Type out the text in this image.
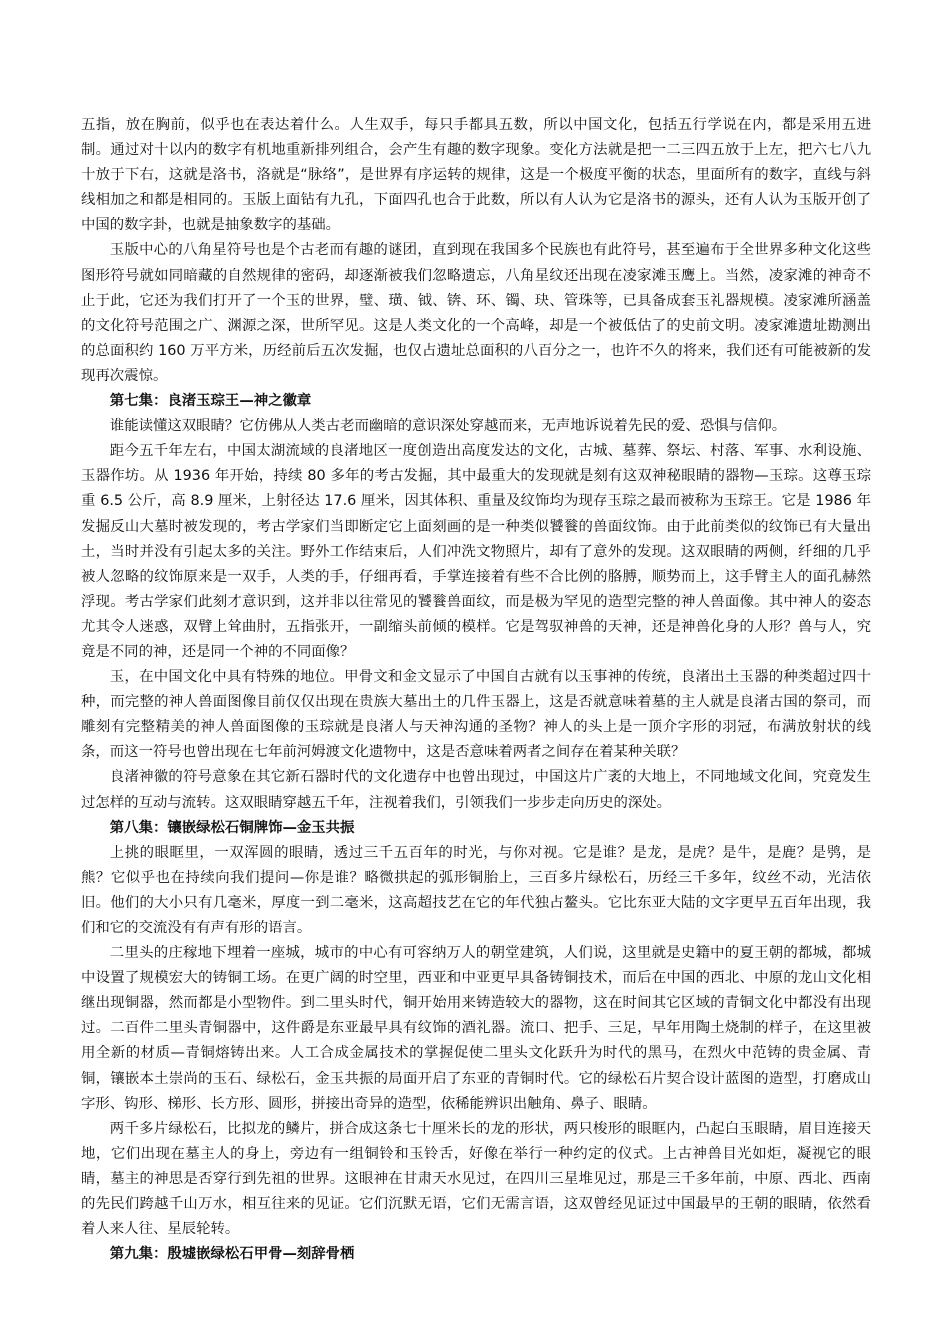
五指，放在胸前，似乎也在表达着什么。人生双手，每只手都具五数，所以中国文化，包括五行学说在内，都是采用五进制。通过对十以内的数字有机地重新排列组合，会产生有趣的数字现象。变化方法就是把一二三四五放于上左，把六七八九十放于下右，这就是洛书，洛就是“脉络”，是世界有序运转的规律，这是一个极度平衡的状态，里面所有的数字，直线与斜线相加之和都是相同的。玉版上面钻有九孔，下面四孔也合于此数，所以有人认为它是洛书的源头，还有人认为玉版开创了中国的数字卦，也就是抽象数字的基础。

玉版中心的八角星符号也是个古老而有趣的谜团，直到现在我国多个民族也有此符号，甚至遍布于全世界多种文化这些图形符号就如同暗藏的自然规律的密码，却逐渐被我们忽略遗忘，八角星纹还出现在凌家滩玉鹰上。当然，凌家滩的神奇不止于此，它还为我们打开了一个玉的世界，璧、璜、钺、锛、环、镯、玦、管珠等，已具备成套玉礼器规模。凌家滩所涵盖的文化符号范围之广、渊源之深，世所罕见。这是人类文化的一个高峰，却是一个被低估了的史前文明。凌家滩遗址勘测出的总面积约 160 万平方米，历经前后五次发掘，也仅占遗址总面积的八百分之一，也许不久的将来，我们还有可能被新的发现再次震惊。

第七集：良渚玉琮王—神之徽章

谁能读懂这双眼睛？它仿佛从人类古老而幽暗的意识深处穿越而来，无声地诉说着先民的爱、恐惧与信仰。

距今五千年左右，中国太湖流域的良渚地区一度创造出高度发达的文化，古城、墓葬、祭坛、村落、军事、水利设施、玉器作坊。从 1936 年开始，持续 80 多年的考古发掘，其中最重大的发现就是刻有这双神秘眼睛的器物—玉琮。这尊玉琮重 6.5 公斤，高 8.9 厘米，上射径达 17.6 厘米，因其体积、重量及纹饰均为现存玉琮之最而被称为玉琮王。它是 1986 年发掘反山大墓时被发现的，考古学家们当即断定它上面刻画的是一种类似饕餮的兽面纹饰。由于此前类似的纹饰已有大量出土，当时并没有引起太多的关注。野外工作结束后，人们冲洗文物照片，却有了意外的发现。这双眼睛的两侧，纤细的几乎被人忽略的纹饰原来是一双手，人类的手，仔细再看，手掌连接着有些不合比例的胳膊，顺势而上，这手臂主人的面孔赫然浮现。考古学家们此刻才意识到，这并非以往常见的饕餮兽面纹，而是极为罕见的造型完整的神人兽面像。其中神人的姿态尤其令人迷惑，双臂上耸曲肘，五指张开，一副缩头前倾的模样。它是驾驭神兽的天神，还是神兽化身的人形？兽与人，究竟是不同的神，还是同一个神的不同面像？

玉，在中国文化中具有特殊的地位。甲骨文和金文显示了中国自古就有以玉事神的传统，良渚出土玉器的种类超过四十种，而完整的神人兽面图像目前仅仅出现在贵族大墓出土的几件玉器上，这是否就意味着墓的主人就是良渚古国的祭司，而雕刻有完整精美的神人兽面图像的玉琮就是良渚人与天神沟通的圣物？神人的头上是一顶介字形的羽冠，布满放射状的线条，而这一符号也曾出现在七年前河姆渡文化遗物中，这是否意味着两者之间存在着某种关联？

良渚神徽的符号意象在其它新石器时代的文化遗存中也曾出现过，中国这片广袤的大地上，不同地域文化间，究竟发生过怎样的互动与流转。这双眼睛穿越五千年，注视着我们，引领我们一步步走向历史的深处。

第八集：镶嵌绿松石铜牌饰—金玉共振

上挑的眼眶里，一双浑圆的眼睛，透过三千五百年的时光，与你对视。它是谁？是龙，是虎？是牛，是鹿？是鸮，是熊？它似乎也在持续向我们提问—你是谁？略微拱起的弧形铜胎上，三百多片绿松石，历经三千多年，纹丝不动，光洁依旧。他们的大小只有几毫米，厚度一到二毫米，这高超技艺在它的年代独占鳌头。它比东亚大陆的文字更早五百年出现，我们和它的交流没有有声有形的语言。

二里头的庄稼地下埋着一座城，城市的中心有可容纳万人的朝堂建筑，人们说，这里就是史籍中的夏王朝的都城，都城中设置了规模宏大的铸铜工场。在更广阔的时空里，西亚和中亚更早具备铸铜技术，而后在中国的西北、中原的龙山文化相继出现铜器，然而都是小型物件。到二里头时代，铜开始用来铸造较大的器物，这在时间其它区域的青铜文化中都没有出现过。二百件二里头青铜器中，这件爵是东亚最早具有纹饰的酒礼器。流口、把手、三足，早年用陶土烧制的样子，在这里被用全新的材质—青铜熔铸出来。人工合成金属技术的掌握促使二里头文化跃升为时代的黑马，在烈火中范铸的贵金属、青铜，镶嵌本土崇尚的玉石、绿松石，金玉共振的局面开启了东亚的青铜时代。它的绿松石片契合设计蓝图的造型，打磨成山字形、钩形、梯形、长方形、圆形，拼接出奇异的造型，依稀能辨识出触角、鼻子、眼睛。

两千多片绿松石，比拟龙的鳞片，拼合成这条七十厘米长的龙的形状，两只梭形的眼眶内，凸起白玉眼睛，眉目连接天地，它们出现在墓主人的身上，旁边有一组铜铃和玉铃舌，好像在举行一种约定的仪式。上古神兽目光如炬，凝视它的眼睛，墓主的神思是否穿行到先祖的世界。这眼神在甘肃天水见过，在四川三星堆见过，那是三千多年前，中原、西北、西南的先民们跨越千山万水，相互往来的见证。它们沉默无语，它们无需言语，这双曾经见证过中国最早的王朝的眼睛，依然看着人来人往、星辰轮转。

第九集：殷墟嵌绿松石甲骨—刻辞骨栖
